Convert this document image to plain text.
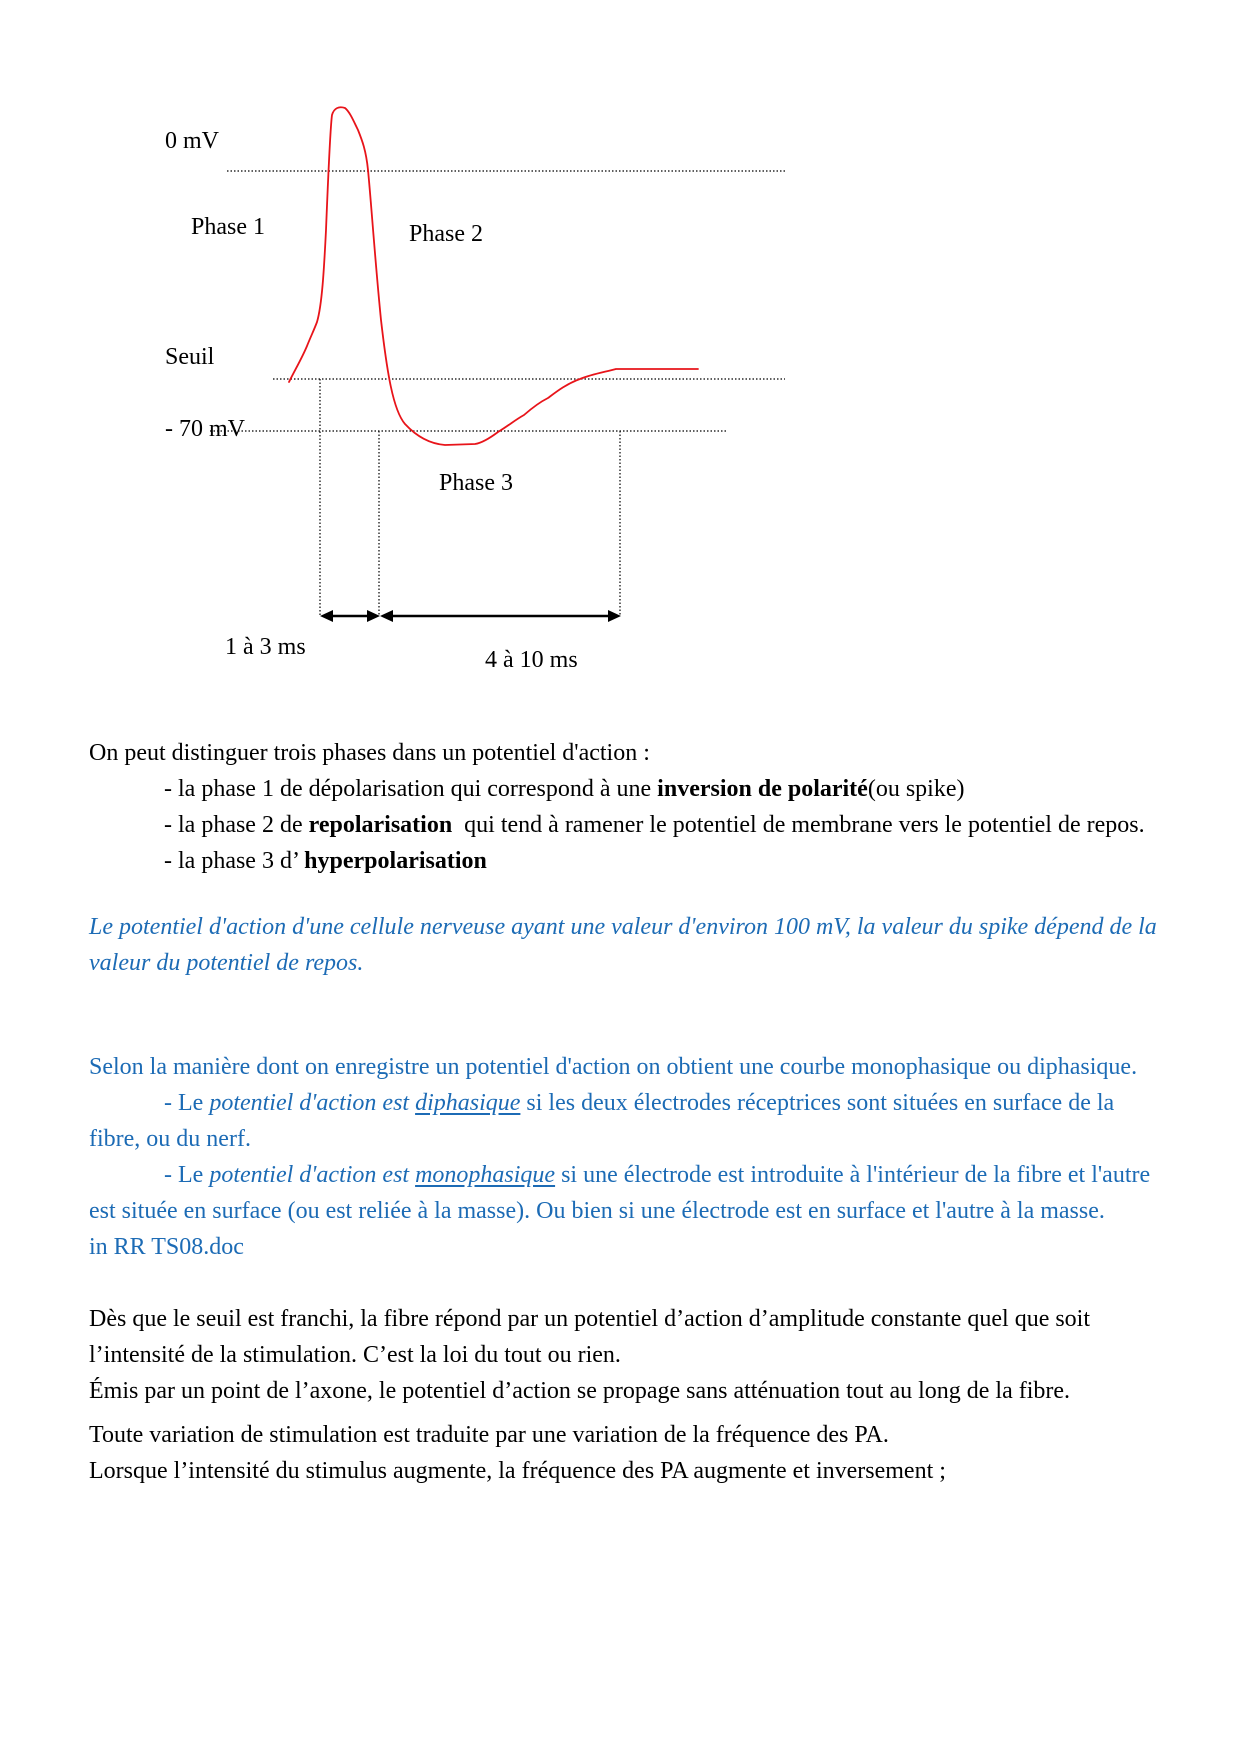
0 mV
Phase 1	Phase 2
Seuil
- 70 mV
Phase 3
1 à 3 ms	4 à 10 ms

On peut distinguer trois phases dans un potentiel d'action :

- la phase 1 de dépolarisation qui correspond à une inversion de polarité(ou spike)

- la phase 2 de repolarisation  qui tend à ramener le potentiel de membrane vers le potentiel de repos.

- la phase 3 d’ hyperpolarisation

Le potentiel d'action d'une cellule nerveuse ayant une valeur d'environ 100 mV, la valeur du spike dépend de la valeur du potentiel de repos.

Selon la manière dont on enregistre un potentiel d'action on obtient une courbe monophasique ou diphasique.

- Le potentiel d'action est diphasique si les deux électrodes réceptrices sont situées en surface de la fibre, ou du nerf.

- Le potentiel d'action est monophasique si une électrode est introduite à l'intérieur de la fibre et l'autre est située en surface (ou est reliée à la masse). Ou bien si une électrode est en surface et l'autre à la masse.

in RR TS08.doc

Dès que le seuil est franchi, la fibre répond par un potentiel d’action d’amplitude constante quel que soit l’intensité de la stimulation. C’est la loi du tout ou rien.

Émis par un point de l’axone, le potentiel d’action se propage sans atténuation tout au long de la fibre.

Toute variation de stimulation est traduite par une variation de la fréquence des PA.

Lorsque l’intensité du stimulus augmente, la fréquence des PA augmente et inversement ;
